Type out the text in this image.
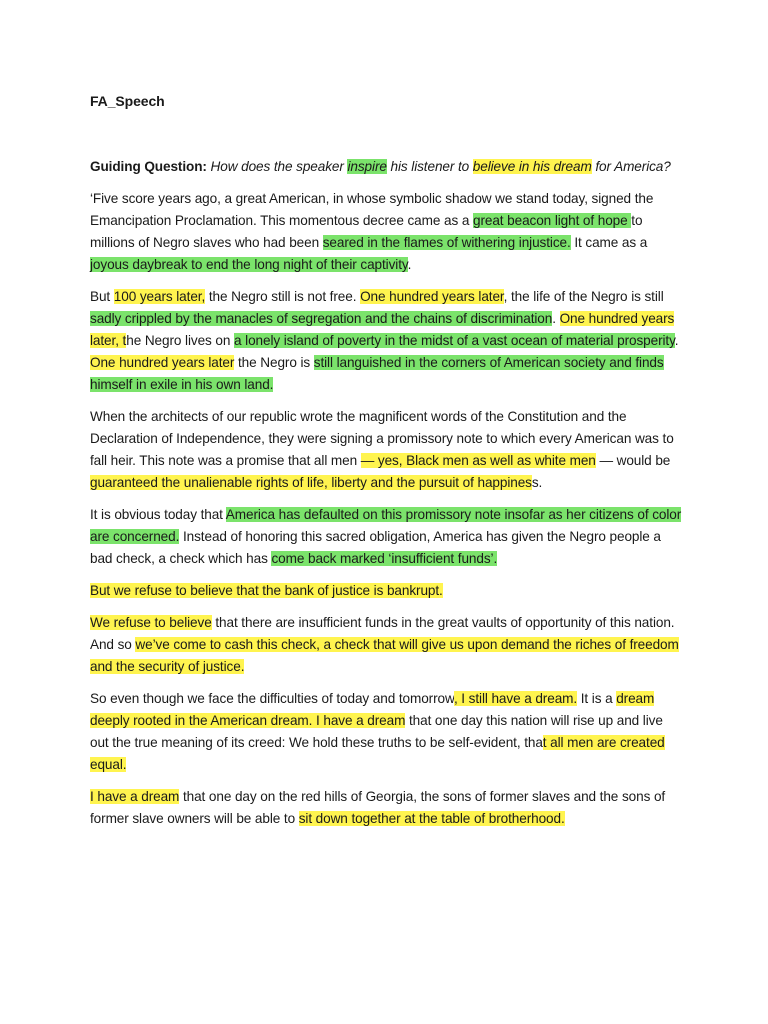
FA_Speech

Guiding Question: How does the speaker inspire his listener to believe in his dream for America?

‘Five score years ago, a great American, in whose symbolic shadow we stand today, signed the Emancipation Proclamation. This momentous decree came as a great beacon light of hope to millions of Negro slaves who had been seared in the flames of withering injustice. It came as a joyous daybreak to end the long night of their captivity.

But 100 years later, the Negro still is not free. One hundred years later, the life of the Negro is still sadly crippled by the manacles of segregation and the chains of discrimination. One hundred years later, the Negro lives on a lonely island of poverty in the midst of a vast ocean of material prosperity. One hundred years later the Negro is still languished in the corners of American society and finds himself in exile in his own land.

When the architects of our republic wrote the magnificent words of the Constitution and the Declaration of Independence, they were signing a promissory note to which every American was to fall heir. This note was a promise that all men — yes, Black men as well as white men — would be guaranteed the unalienable rights of life, liberty and the pursuit of happiness.

It is obvious today that America has defaulted on this promissory note insofar as her citizens of color are concerned. Instead of honoring this sacred obligation, America has given the Negro people a bad check, a check which has come back marked ‘insufficient funds’.

But we refuse to believe that the bank of justice is bankrupt.

We refuse to believe that there are insufficient funds in the great vaults of opportunity of this nation. And so we’ve come to cash this check, a check that will give us upon demand the riches of freedom and the security of justice.

So even though we face the difficulties of today and tomorrow, I still have a dream. It is a dream deeply rooted in the American dream. I have a dream that one day this nation will rise up and live out the true meaning of its creed: We hold these truths to be self-evident, that all men are created equal.

I have a dream that one day on the red hills of Georgia, the sons of former slaves and the sons of former slave owners will be able to sit down together at the table of brotherhood.
